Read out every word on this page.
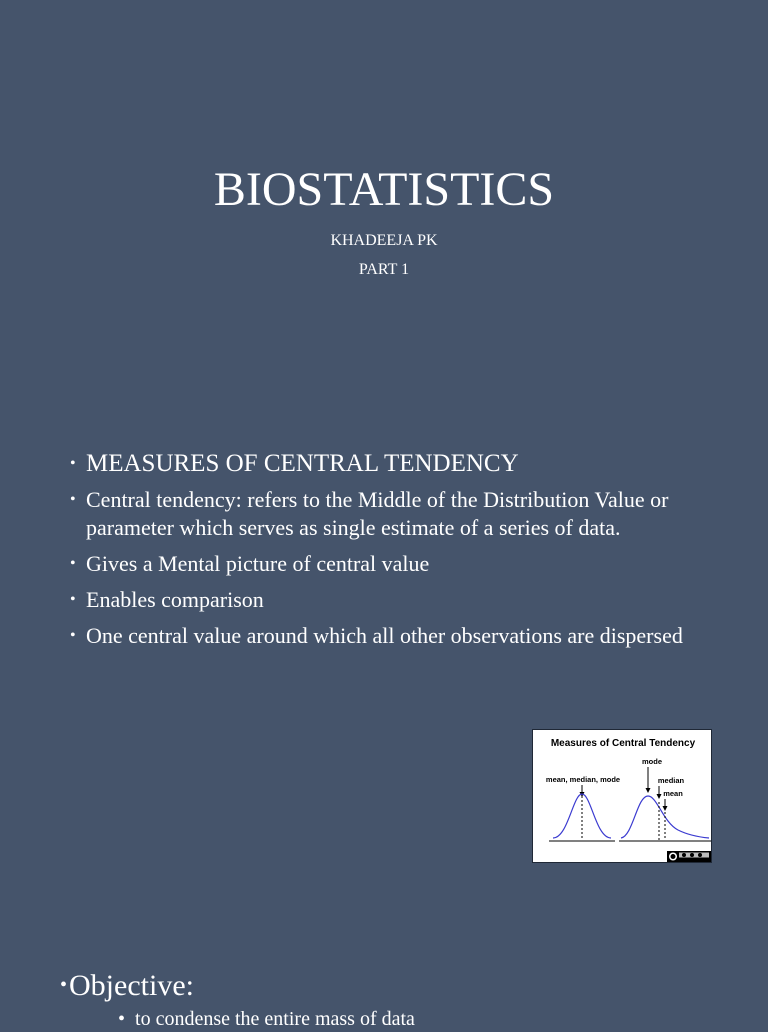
BIOSTATISTICS
KHADEEJA PK
PART 1
• MEASURES OF CENTRAL TENDENCY
• Central tendency: refers to the Middle of the Distribution Value or parameter which serves as single estimate of a series of data.
• Gives a Mental picture of central value
• Enables comparison
• One central value around which all other observations are dispersed
Measures of Central Tendency
mean, median, mode
mode
median
mean
•Objective:
• to condense the entire mass of data
